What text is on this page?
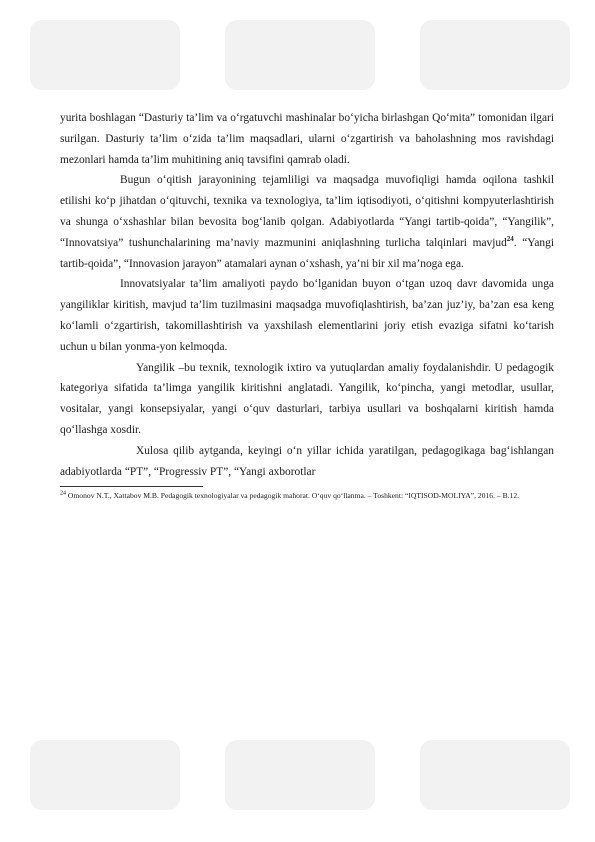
yurita boshlagan “Dasturiy ta’lim va o‘rgatuvchi mashinalar bo‘yicha birlashgan Qo‘mita” tomonidan ilgari surilgan. Dasturiy ta’lim o‘zida ta’lim maqsadlari, ularni o‘zgartirish va baholashning mos ravishdagi mezonlari hamda ta’lim muhitining aniq tavsifini qamrab oladi.

Bugun o‘qitish jarayonining tejamliligi va maqsadga muvofiqligi hamda oqilona tashkil etilishi ko‘p jihatdan o‘qituvchi, texnika va texnologiya, ta’lim iqtisodiyoti, o‘qitishni kompyuterlashtirish va shunga o‘xshashlar bilan bevosita bog‘lanib qolgan. Adabiyotlarda “Yangi tartib-qoida”, “Yangilik”, “Innovatsiya” tushunchalarining ma’naviy mazmunini aniqlashning turlicha talqinlari mavjud$^{24}$. “Yangi tartib-qoida”, “Innovasion jarayon” atamalari aynan o‘xshash, ya’ni bir xil ma’noga ega.

Innovatsiyalar ta’lim amaliyoti paydo bo‘lganidan buyon o‘tgan uzoq davr davomida unga yangiliklar kiritish, mavjud ta’lim tuzilmasini maqsadga muvofiqlashtirish, ba’zan juz’iy, ba’zan esa keng ko‘lamli o‘zgartirish, takomillashtirish va yaxshilash elementlarini joriy etish evaziga sifatni ko‘tarish uchun u bilan yonma-yon kelmoqda.

Yangilik –bu texnik, texnologik ixtiro va yutuqlardan amaliy foydalanishdir. U pedagogik kategoriya sifatida ta’limga yangilik kiritishni anglatadi. Yangilik, ko‘pincha, yangi metodlar, usullar, vositalar, yangi konsepsiyalar, yangi o‘quv dasturlari, tarbiya usullari va boshqalarni kiritish hamda qo‘llashga xosdir.

Xulosa qilib aytganda, keyingi o‘n yillar ichida yaratilgan, pedagogikaga bag‘ishlangan adabiyotlarda “PT”, “Progressiv PT”, “Yangi axborotlar

$^{24}$ Omonov N.T., Xattabov M.B. Pedagogik texnologiyalar va pedagogik mahorat. O‘quv qo‘llanma. – Toshkent: “IQTISOD-MOLIYA”, 2016. – B.12.
